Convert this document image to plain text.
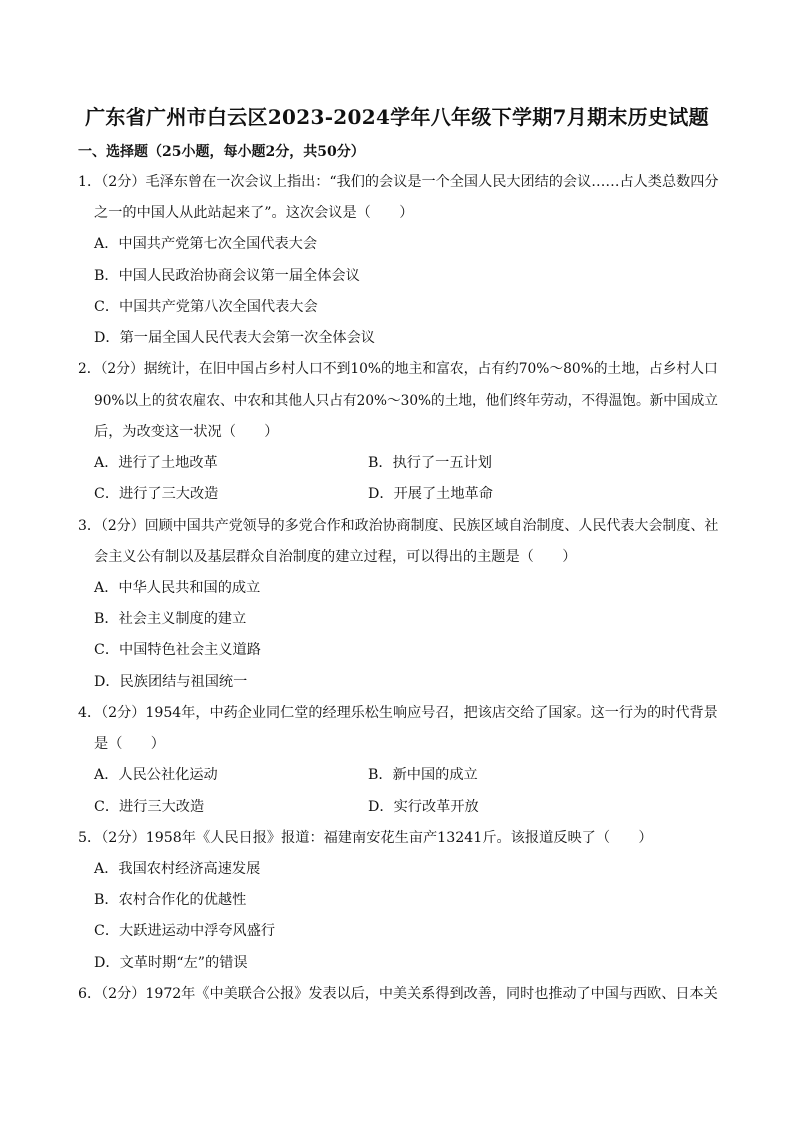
广东省广州市白云区2023-2024学年八年级下学期7月期末历史试题
一、选择题（25小题，每小题2分，共50分）
1．（2分）毛泽东曾在一次会议上指出：“我们的会议是一个全国人民大团结的会议……占人类总数四分
之一的中国人从此站起来了”。这次会议是（　　）
A．中国共产党第七次全国代表大会
B．中国人民政治协商会议第一届全体会议
C．中国共产党第八次全国代表大会
D．第一届全国人民代表大会第一次全体会议
2．（2分）据统计，在旧中国占乡村人口不到10%的地主和富农，占有约70%～80%的土地，占乡村人口
90%以上的贫农雇农、中农和其他人只占有20%～30%的土地，他们终年劳动，不得温饱。新中国成立
后，为改变这一状况（　　）
A．进行了土地改革	B．执行了一五计划
C．进行了三大改造	D．开展了土地革命
3．（2分）回顾中国共产党领导的多党合作和政治协商制度、民族区域自治制度、人民代表大会制度、社
会主义公有制以及基层群众自治制度的建立过程，可以得出的主题是（　　）
A．中华人民共和国的成立
B．社会主义制度的建立
C．中国特色社会主义道路
D．民族团结与祖国统一
4．（2分）1954年，中药企业同仁堂的经理乐松生响应号召，把该店交给了国家。这一行为的时代背景
是（　　）
A．人民公社化运动	B．新中国的成立
C．进行三大改造	D．实行改革开放
5．（2分）1958年《人民日报》报道：福建南安花生亩产13241斤。该报道反映了（　　）
A．我国农村经济高速发展
B．农村合作化的优越性
C．大跃进运动中浮夸风盛行
D．文革时期“左”的错误
6．（2分）1972年《中美联合公报》发表以后，中美关系得到改善，同时也推动了中国与西欧、日本关
